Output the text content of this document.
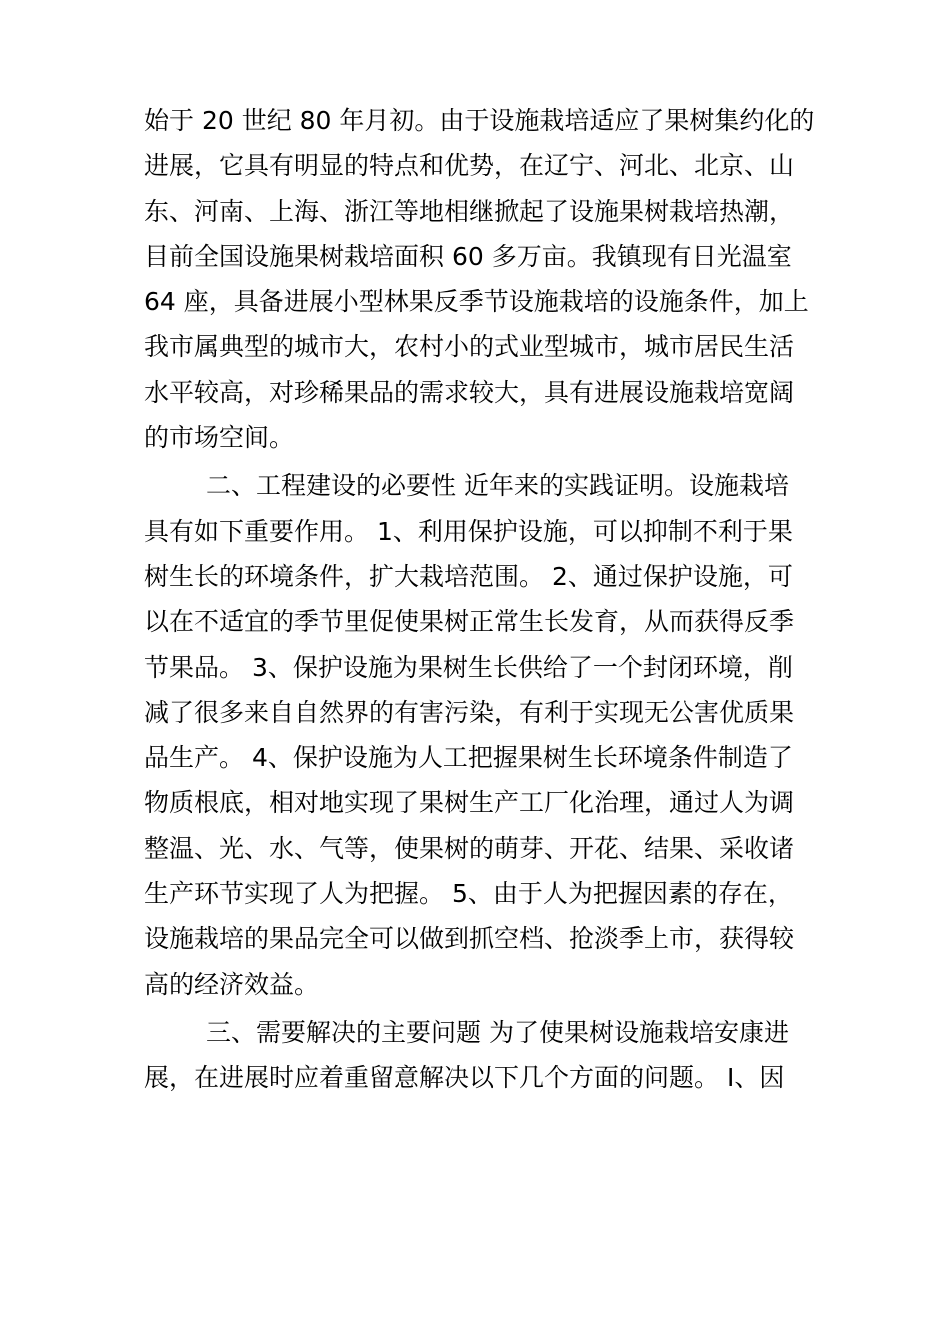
始于 20 世纪 80 年月初。由于设施栽培适应了果树集约化的
进展，它具有明显的特点和优势，在辽宁、河北、北京、山
东、河南、上海、浙江等地相继掀起了设施果树栽培热潮，
目前全国设施果树栽培面积 60 多万亩。我镇现有日光温室
64 座，具备进展小型林果反季节设施栽培的设施条件，加上
我市属典型的城市大，农村小的式业型城市，城市居民生活
水平较高，对珍稀果品的需求较大，具有进展设施栽培宽阔
的市场空间。
二、工程建设的必要性 近年来的实践证明。设施栽培
具有如下重要作用。 1、利用保护设施，可以抑制不利于果
树生长的环境条件，扩大栽培范围。 2、通过保护设施，可
以在不适宜的季节里促使果树正常生长发育，从而获得反季
节果品。 3、保护设施为果树生长供给了一个封闭环境，削
减了很多来自自然界的有害污染，有利于实现无公害优质果
品生产。 4、保护设施为人工把握果树生长环境条件制造了
物质根底，相对地实现了果树生产工厂化治理，通过人为调
整温、光、水、气等，使果树的萌芽、开花、结果、采收诸
生产环节实现了人为把握。 5、由于人为把握因素的存在，
设施栽培的果品完全可以做到抓空档、抢淡季上市，获得较
高的经济效益。
三、需要解决的主要问题 为了使果树设施栽培安康进
展，在进展时应着重留意解决以下几个方面的问题。 I、因
